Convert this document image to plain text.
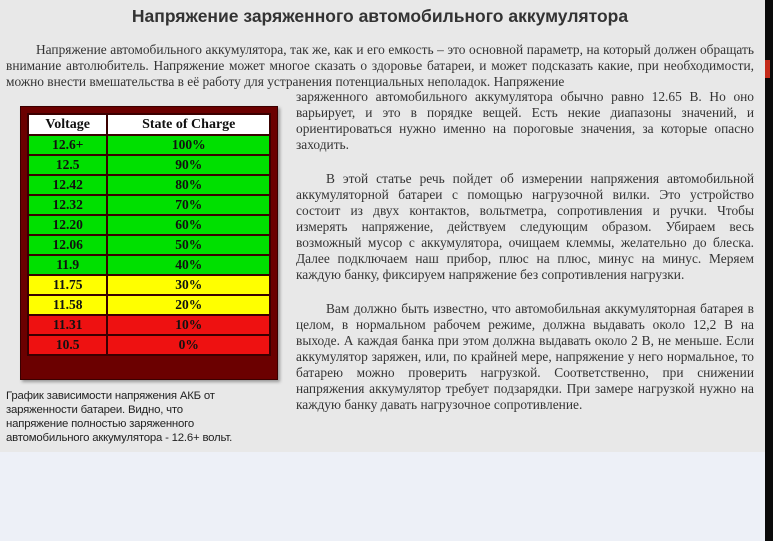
Напряжение заряженного автомобильного аккумулятора

Напряжение автомобильного аккумулятора, так же, как и его емкость – это основной параметр, на который должен обращать внимание автолюбитель. Напряжение может многое сказать о здоровье батареи, и может подсказать какие, при необходимости, можно внести вмешательства в её работу для устранения потенциальных неполадок. Напряжение

Voltage	State of Charge
12.6+	100%
12.5	90%
12.42	80%
12.32	70%
12.20	60%
12.06	50%
11.9	40%
11.75	30%
11.58	20%
11.31	10%
10.5	0%

График зависимости напряжения АКБ от заряженности батареи. Видно, что напряжение полностью заряженного автомобильного аккумулятора - 12.6+ вольт.

заряженного автомобильного аккумулятора обычно равно 12.65 В. Но оно варьирует, и это в порядке вещей. Есть некие диапазоны значений, и ориентироваться нужно именно на пороговые значения, за которые опасно заходить.

В этой статье речь пойдет об измерении напряжения автомобильной аккумуляторной батареи с помощью нагрузочной вилки. Это устройство состоит из двух контактов, вольтметра, сопротивления и ручки. Чтобы измерять напряжение, действуем следующим образом. Убираем весь возможный мусор с аккумулятора, очищаем клеммы, желательно до блеска. Далее подключаем наш прибор, плюс на плюс, минус на минус. Меряем каждую банку, фиксируем напряжение без сопротивления нагрузки.

Вам должно быть известно, что автомобильная аккумуляторная батарея в целом, в нормальном рабочем режиме, должна выдавать около 12,2 В на выходе. А каждая банка при этом должна выдавать около 2 В, не меньше. Если аккумулятор заряжен, или, по крайней мере, напряжение у него нормальное, то батарею можно проверить нагрузкой. Соответственно, при снижении напряжения аккумулятор требует подзарядки. При замере нагрузкой нужно на каждую банку давать нагрузочное сопротивление.
